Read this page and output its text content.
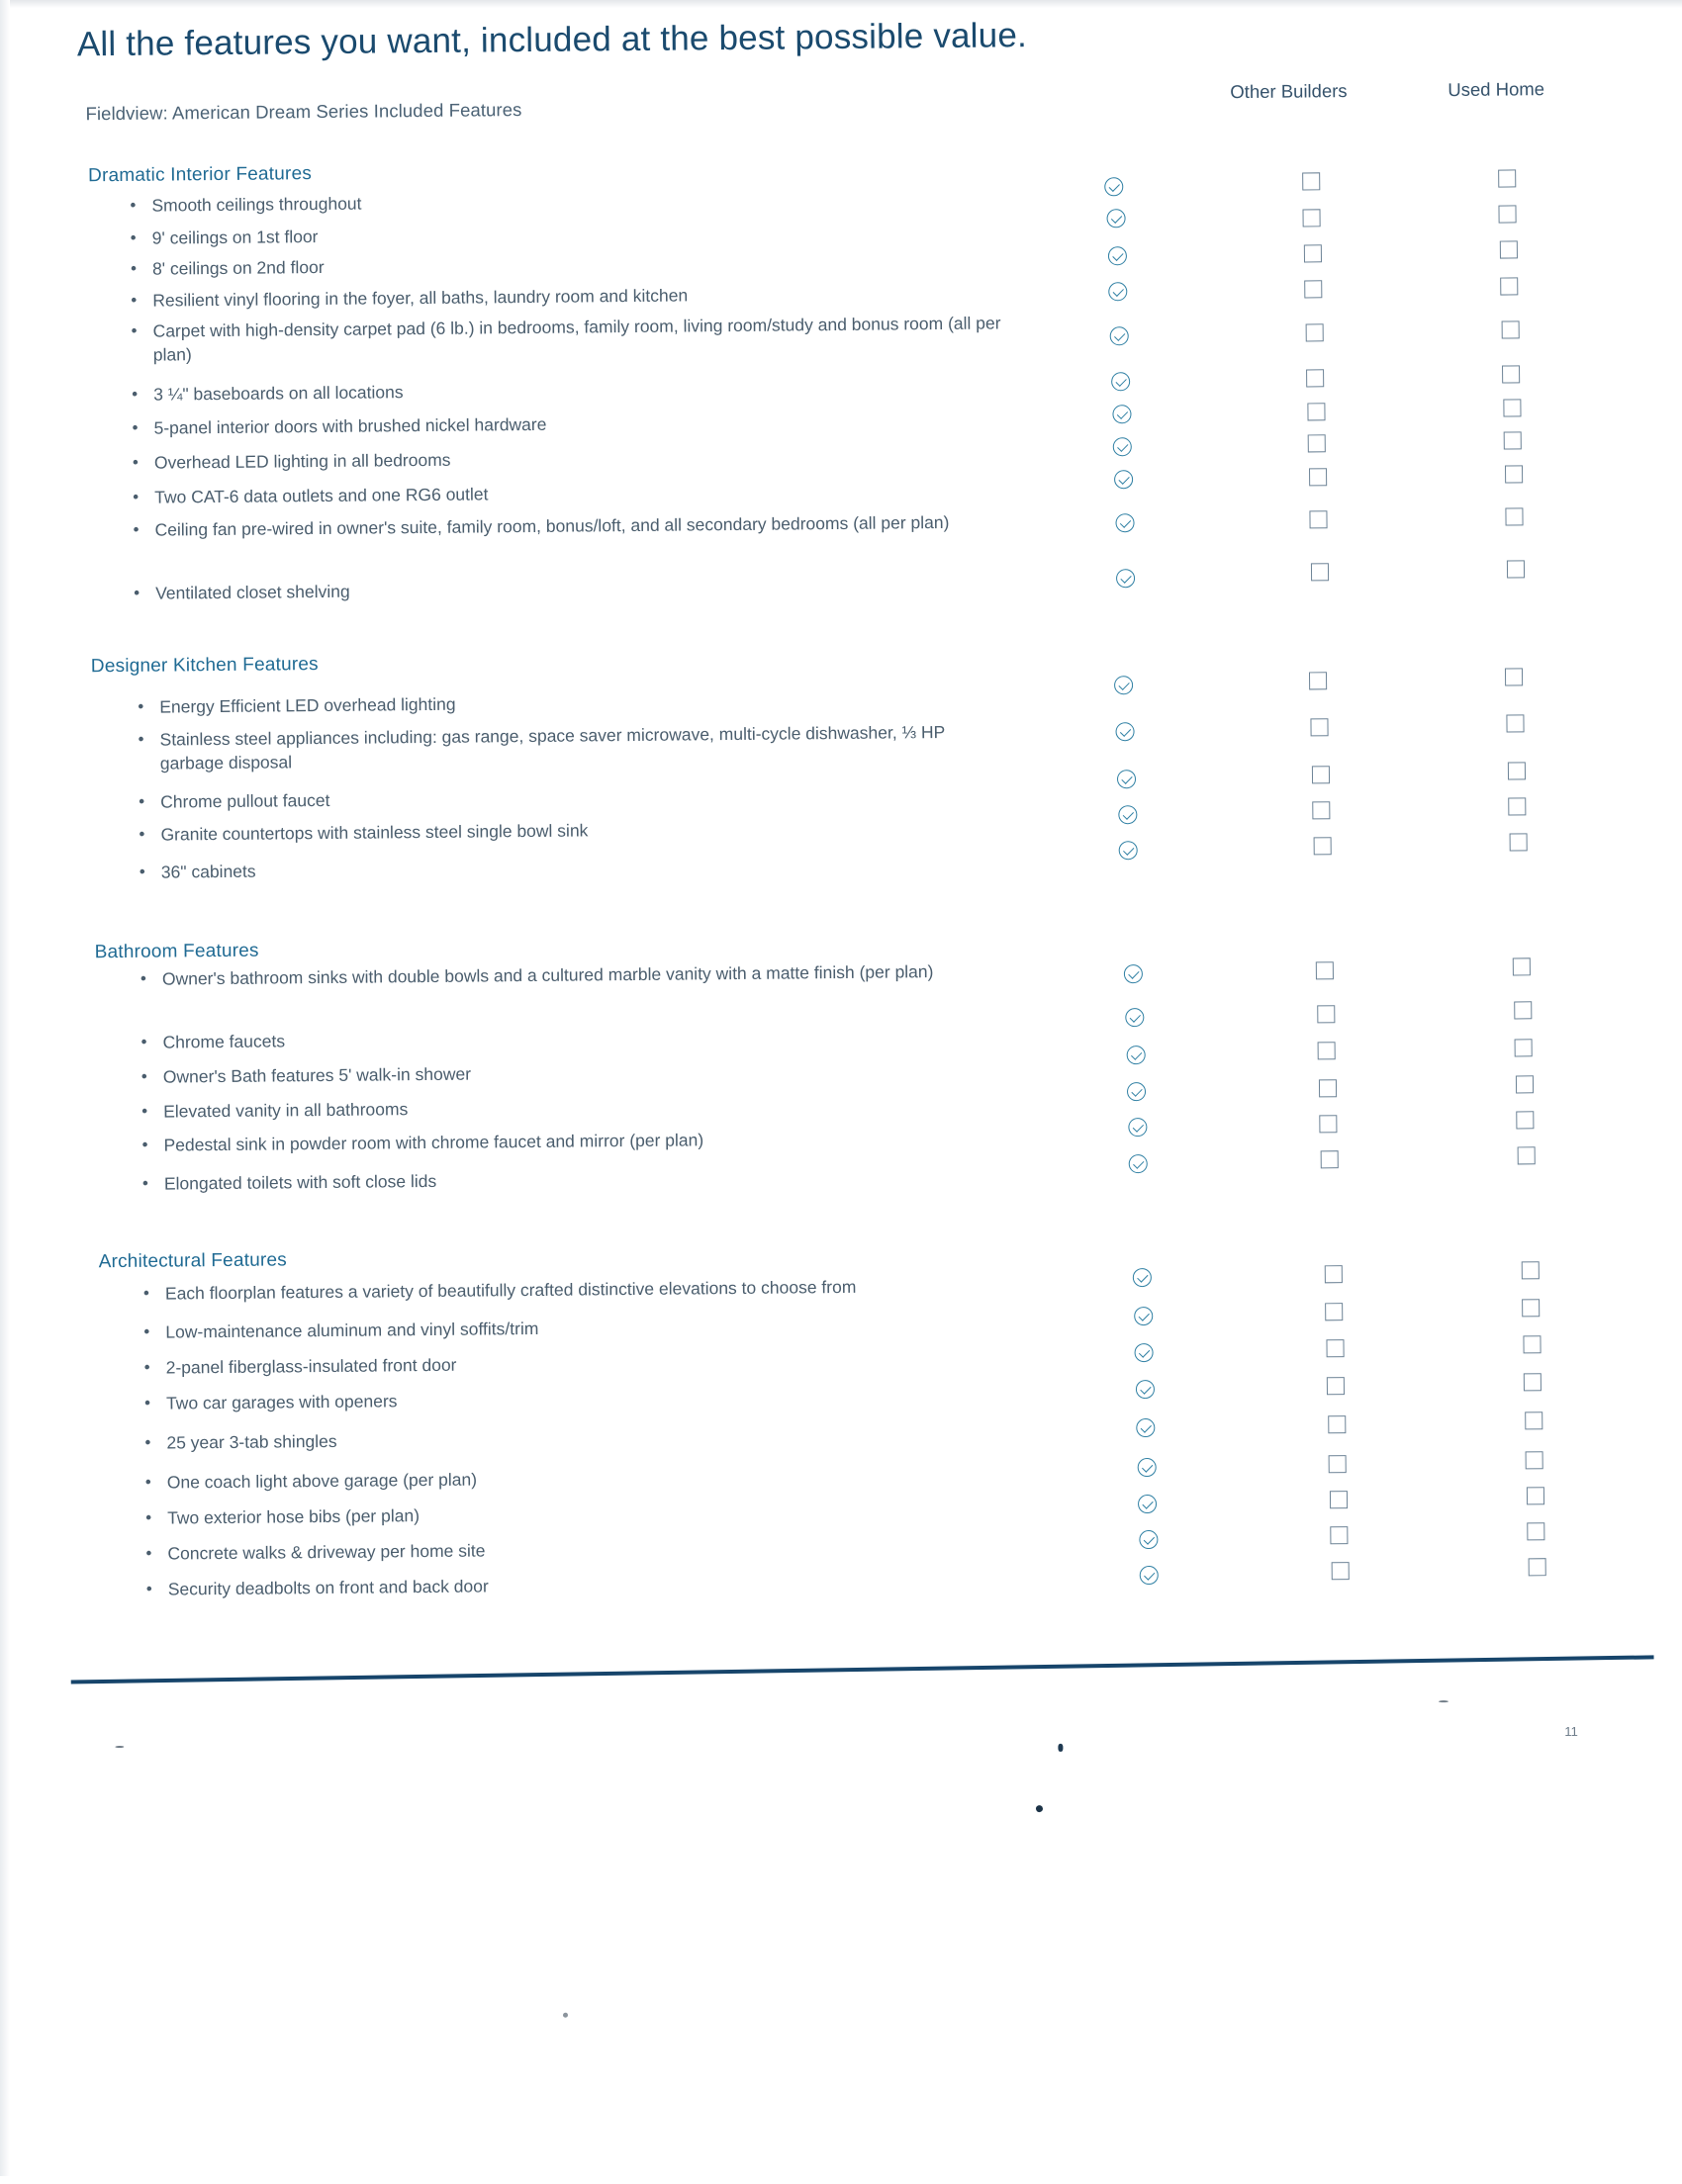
All the features you want, included at the best possible value.
Fieldview: American Dream Series Included Features
Other Builders	Used Home
Dramatic Interior Features
• Smooth ceilings throughout
• 9' ceilings on 1st floor
• 8' ceilings on 2nd floor
• Resilient vinyl flooring in the foyer, all baths, laundry room and kitchen
• Carpet with high-density carpet pad (6 lb.) in bedrooms, family room, living room/study and bonus room (all per plan)
• 3 ¼" baseboards on all locations
• 5-panel interior doors with brushed nickel hardware
• Overhead LED lighting in all bedrooms
• Two CAT-6 data outlets and one RG6 outlet
• Ceiling fan pre-wired in owner's suite, family room, bonus/loft, and all secondary bedrooms (all per plan)
• Ventilated closet shelving
Designer Kitchen Features
• Energy Efficient LED overhead lighting
• Stainless steel appliances including: gas range, space saver microwave, multi-cycle dishwasher, ⅓ HP garbage disposal
• Chrome pullout faucet
• Granite countertops with stainless steel single bowl sink
• 36" cabinets
Bathroom Features
• Owner's bathroom sinks with double bowls and a cultured marble vanity with a matte finish (per plan)
• Chrome faucets
• Owner's Bath features 5' walk-in shower
• Elevated vanity in all bathrooms
• Pedestal sink in powder room with chrome faucet and mirror (per plan)
• Elongated toilets with soft close lids
Architectural Features
• Each floorplan features a variety of beautifully crafted distinctive elevations to choose from
• Low-maintenance aluminum and vinyl soffits/trim
• 2-panel fiberglass-insulated front door
• Two car garages with openers
• 25 year 3-tab shingles
• One coach light above garage (per plan)
• Two exterior hose bibs (per plan)
• Concrete walks & driveway per home site
• Security deadbolts on front and back door
11
